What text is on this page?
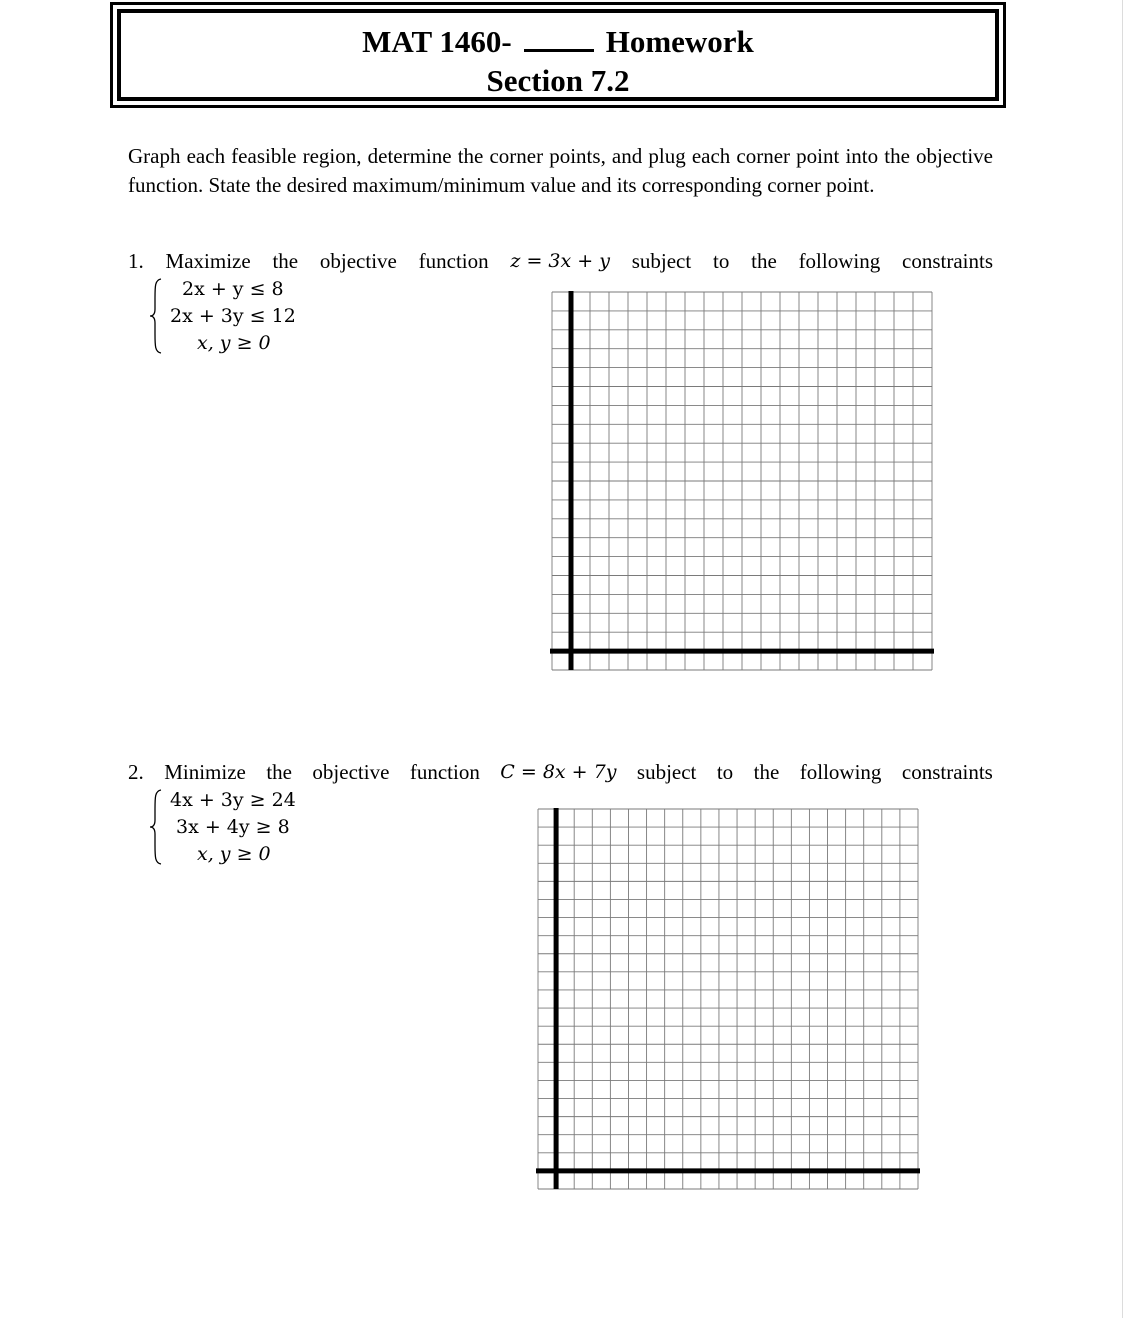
MAT 1460-	Homework
Section 7.2
Graph each feasible region, determine the corner points, and plug each corner point into the objective function. State the desired maximum/minimum value and its corresponding corner point.
1. Maximize the objective function z = 3x + y subject to the following constraints
2x + y ≤ 8
2x + 3y ≤ 12
x, y ≥ 0
2. Minimize the objective function C = 8x + 7y subject to the following constraints
4x + 3y ≥ 24
3x + 4y ≥ 8
x, y ≥ 0
